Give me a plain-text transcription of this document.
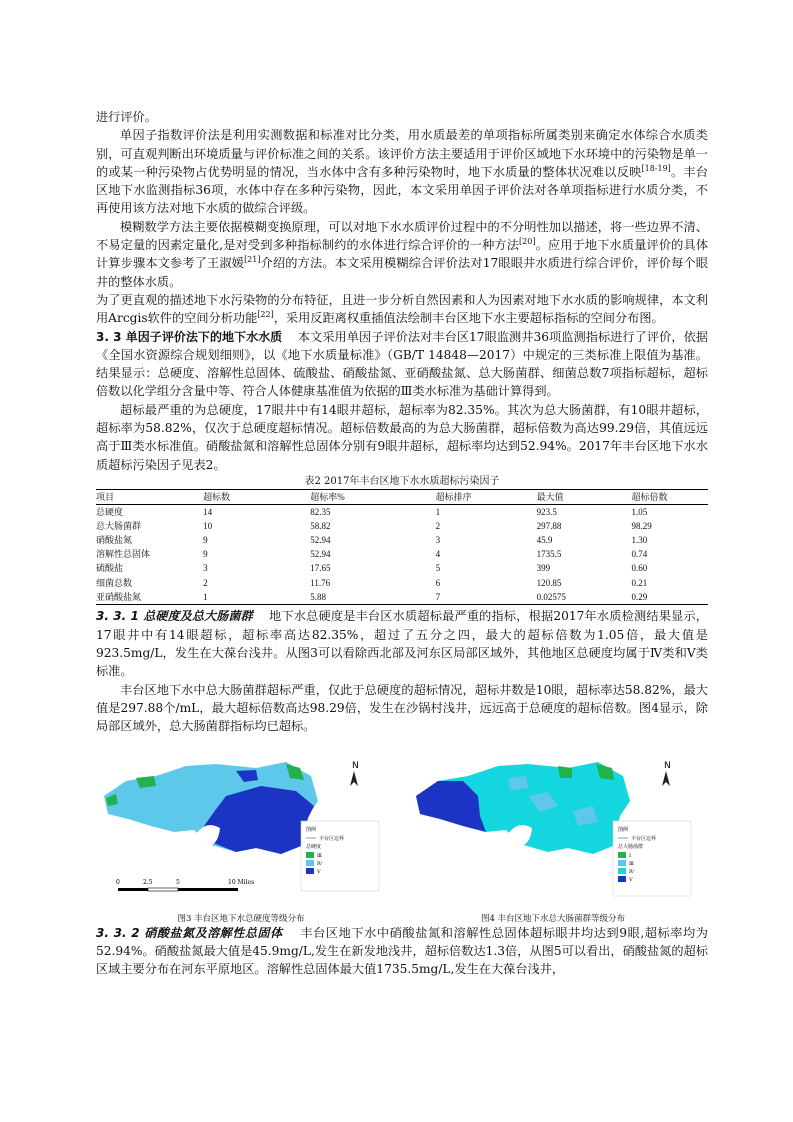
进行评价。

单因子指数评价法是利用实测数据和标准对比分类，用水质最差的单项指标所属类别来确定水体综合水质类别，可直观判断出环境质量与评价标准之间的关系。该评价方法主要适用于评价区域地下水环境中的污染物是单一的或某一种污染物占优势明显的情况，当水体中含有多种污染物时，地下水质量的整体状况难以反映[18-19]。丰台区地下水监测指标36项，水体中存在多种污染物，因此，本文采用单因子评价法对各单项指标进行水质分类，不再使用该方法对地下水质的做综合评级。

模糊数学方法主要依据模糊变换原理，可以对地下水水质评价过程中的不分明性加以描述，将一些边界不清、不易定量的因素定量化,是对受到多种指标制约的水体进行综合评价的一种方法[20]。应用于地下水质量评价的具体计算步骤本文参考了王淑媛[21]介绍的方法。本文采用模糊综合评价法对17眼眼井水质进行综合评价，评价每个眼井的整体水质。

为了更直观的描述地下水污染物的分布特征，且进一步分析自然因素和人为因素对地下水水质的影响规律，本文利用Arcgis软件的空间分析功能[22]，采用反距离权重插值法绘制丰台区地下水主要超标指标的空间分布图。

3. 3 单因子评价法下的地下水水质 本文采用单因子评价法对丰台区17眼监测井36项监测指标进行了评价，依据《全国水资源综合规划细则》，以《地下水质量标准》（GB/T 14848—2017）中规定的三类标准上限值为基准。结果显示：总硬度、溶解性总固体、硫酸盐、硝酸盐氮、亚硝酸盐氮、总大肠菌群、细菌总数7项指标超标，超标倍数以化学组分含量中等、符合人体健康基准值为依据的Ⅲ类水标准为基础计算得到。

超标最严重的为总硬度，17眼井中有14眼井超标，超标率为82.35%。其次为总大肠菌群，有10眼井超标，超标率为58.82%，仅次于总硬度超标情况。超标倍数最高的为总大肠菌群，超标倍数为高达99.29倍，其值远远高于Ⅲ类水标准值。硝酸盐氮和溶解性总固体分别有9眼井超标，超标率均达到52.94%。2017年丰台区地下水水质超标污染因子见表2。

表2 2017年丰台区地下水水质超标污染因子
项目	超标数	超标率%	超标排序	最大值	超标倍数
总硬度	14	82.35	1	923.5	1.05
总大肠菌群	10	58.82	2	297.88	98.29
硝酸盐氮	9	52.94	3	45.9	1.30
溶解性总固体	9	52.94	4	1735.5	0.74
硫酸盐	3	17.65	5	399	0.60
细菌总数	2	11.76	6	120.85	0.21
亚硝酸盐氮	1	5.88	7	0.02575	0.29

3. 3. 1 总硬度及总大肠菌群 地下水总硬度是丰台区水质超标最严重的指标，根据2017年水质检测结果显示，17眼井中有14眼超标，超标率高达82.35%，超过了五分之四，最大的超标倍数为1.05倍，最大值是923.5mg/L，发生在大葆台浅井。从图3可以看除西北部及河东区局部区域外，其他地区总硬度均属于Ⅳ类和Ⅴ类标准。

丰台区地下水中总大肠菌群超标严重，仅此于总硬度的超标情况，超标井数是10眼，超标率达58.82%，最大值是297.88个/mL，最大超标倍数高达98.29倍，发生在沙锅村浅井，远远高于总硬度的超标倍数。图4显示，除局部区域外，总大肠菌群指标均已超标。

N
图例
丰台区边界
总硬度
Ⅲ
Ⅳ
Ⅴ
0	2.5	5	10 Miles
图3 丰台区地下水总硬度等级分布
N
图例
丰台区边界
总大肠菌群
Ⅰ
Ⅲ
Ⅳ
Ⅴ
图4 丰台区地下水总大肠菌群等级分布

3. 3. 2 硝酸盐氮及溶解性总固体 丰台区地下水中硝酸盐氮和溶解性总固体超标眼井均达到9眼,超标率均为52.94%。硝酸盐氮最大值是45.9mg/L,发生在新发地浅井，超标倍数达1.3倍，从图5可以看出，硝酸盐氮的超标区域主要分布在河东平原地区。溶解性总固体最大值1735.5mg/L,发生在大葆台浅井，
